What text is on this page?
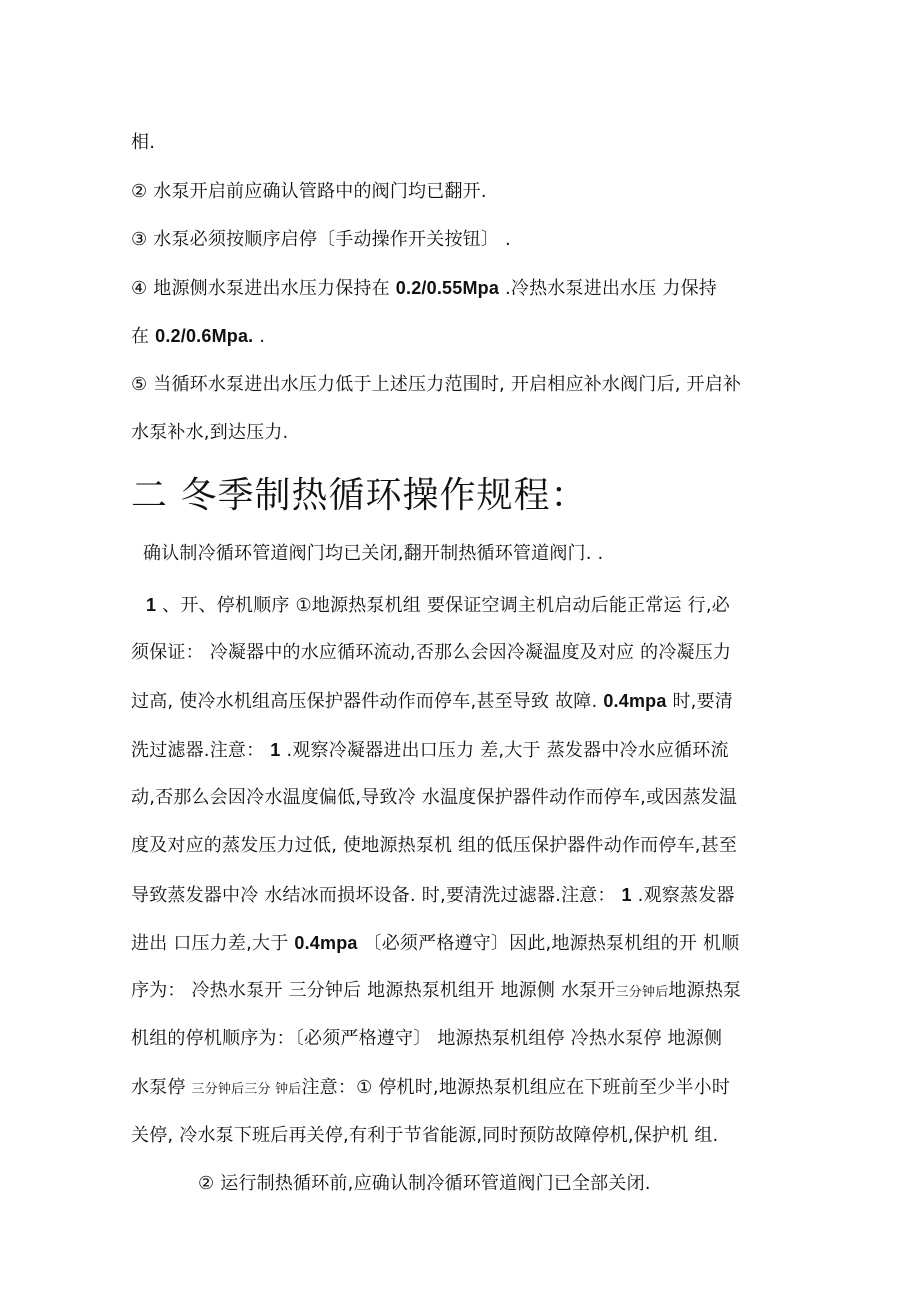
相.
② 水泵开启前应确认管路中的阀门均已翻开.
③ 水泵必须按顺序启停〔手动操作开关按钮〕 .
④ 地源侧水泵进出水压力保持在 0.2/0.55Mpa .冷热水泵进出水压 力保持
在 0.2/0.6Mpa. .
⑤ 当循环水泵进出水压力低于上述压力范围时, 开启相应补水阀门后, 开启补
水泵补水,到达压力.
二 冬季制热循环操作规程：
确认制冷循环管道阀门均已关闭,翻开制热循环管道阀门. .
1 、开、停机顺序 ①地源热泵机组 要保证空调主机启动后能正常运 行,必
须保证： 冷凝器中的水应循环流动,否那么会因冷凝温度及对应 的冷凝压力
过高, 使冷水机组高压保护器件动作而停车,甚至导致 故障. 0.4mpa 时,要清
洗过滤器.注意： 1 .观察冷凝器进出口压力 差,大于 蒸发器中冷水应循环流
动,否那么会因冷水温度偏低,导致冷 水温度保护器件动作而停车,或因蒸发温
度及对应的蒸发压力过低, 使地源热泵机 组的低压保护器件动作而停车,甚至
导致蒸发器中冷 水结冰而损坏设备. 时,要清洗过滤器.注意： 1 .观察蒸发器
进出 口压力差,大于 0.4mpa 〔必须严格遵守〕因此,地源热泵机组的开 机顺
序为： 冷热水泵开 三分钟后 地源热泵机组开 地源侧 水泵开三分钟后地源热泵
机组的停机顺序为：〔必须严格遵守〕 地源热泵机组停 冷热水泵停 地源侧
水泵停 三分钟后三分 钟后注意：① 停机时,地源热泵机组应在下班前至少半小时
关停, 冷水泵下班后再关停,有利于节省能源,同时预防故障停机,保护机 组.
② 运行制热循环前,应确认制冷循环管道阀门已全部关闭.
